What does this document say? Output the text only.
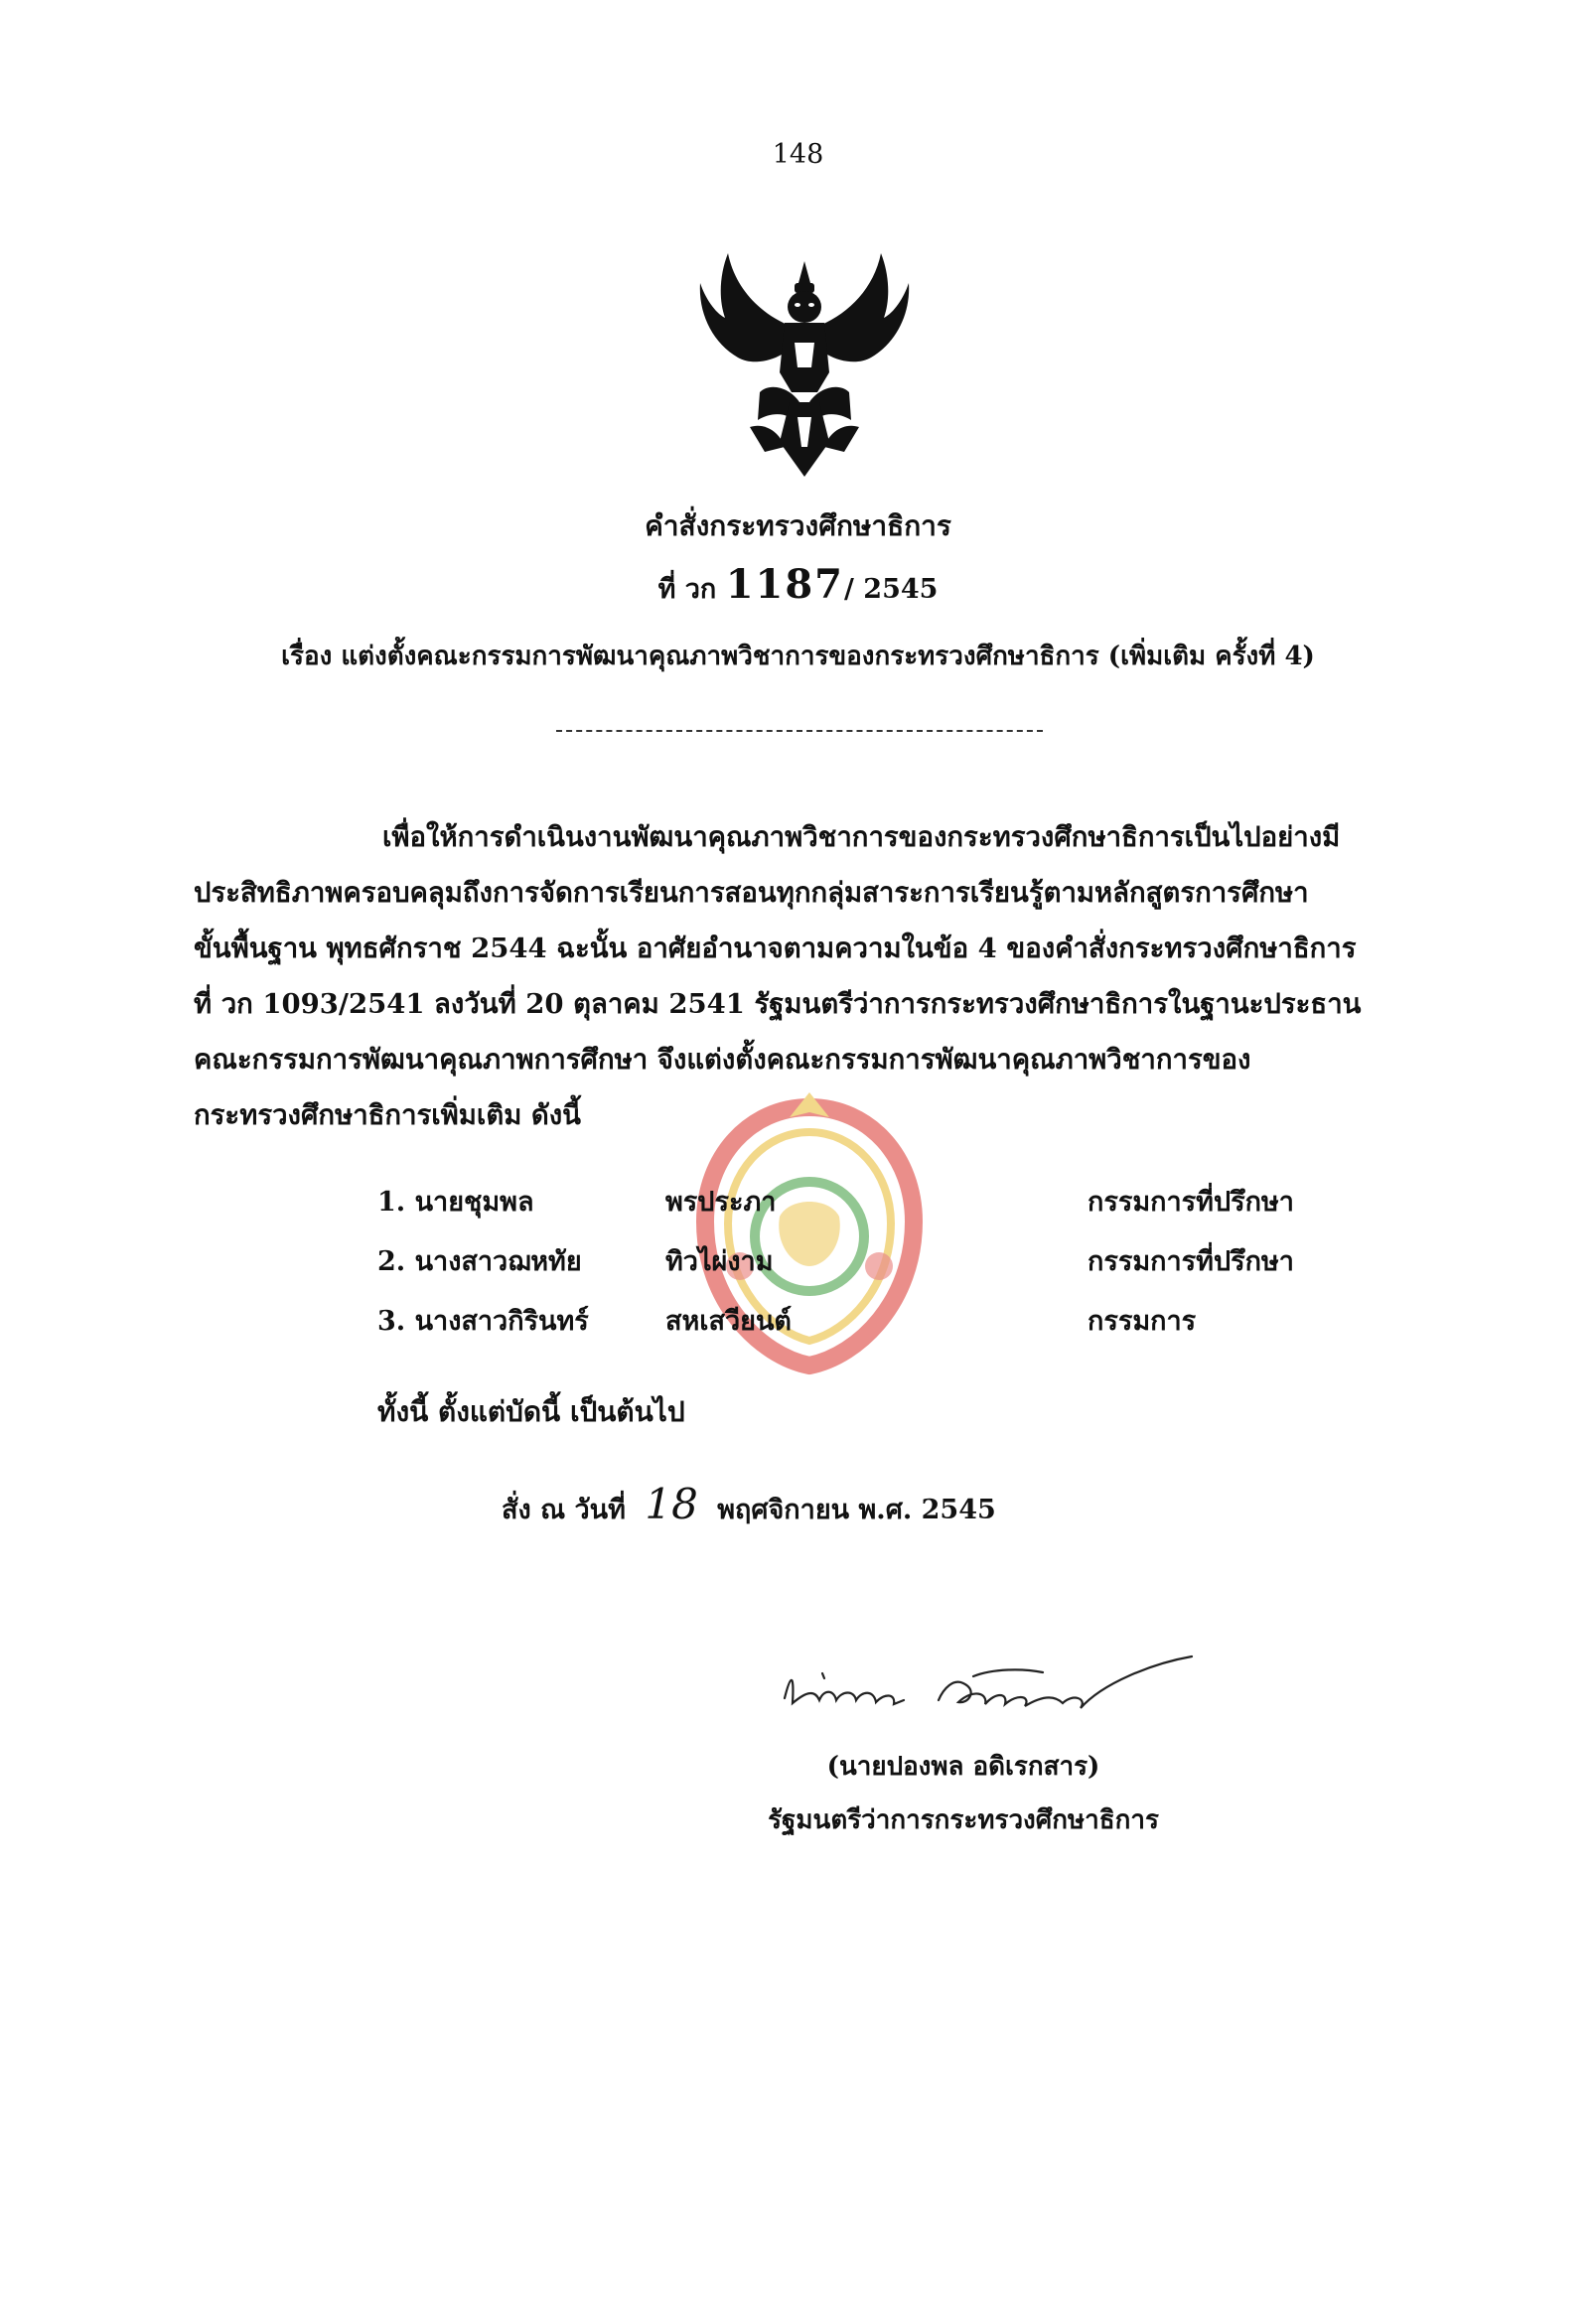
148
คำสั่งกระทรวงศึกษาธิการ
ที่ วก 1187/ 2545
เรื่อง แต่งตั้งคณะกรรมการพัฒนาคุณภาพวิชาการของกระทรวงศึกษาธิการ (เพิ่มเติม ครั้งที่ 4)

เพื่อให้การดำเนินงานพัฒนาคุณภาพวิชาการของกระทรวงศึกษาธิการเป็นไปอย่างมี

ประสิทธิภาพครอบคลุมถึงการจัดการเรียนการสอนทุกกลุ่มสาระการเรียนรู้ตามหลักสูตรการศึกษา

ขั้นพื้นฐาน พุทธศักราช 2544 ฉะนั้น อาศัยอำนาจตามความในข้อ 4 ของคำสั่งกระทรวงศึกษาธิการ

ที่ วก 1093/2541 ลงวันที่ 20 ตุลาคม 2541 รัฐมนตรีว่าการกระทรวงศึกษาธิการในฐานะประธาน

คณะกรรมการพัฒนาคุณภาพการศึกษา จึงแต่งตั้งคณะกรรมการพัฒนาคุณภาพวิชาการของ

กระทรวงศึกษาธิการเพิ่มเติม ดังนี้

1. นายชุมพล	พรประภา	กรรมการที่ปรึกษา
2. นางสาวฌหทัย	ทิวไผ่งาม	กรรมการที่ปรึกษา
3. นางสาวกิรินทร์	สหเสวียนต์	กรรมการ
ทั้งนี้ ตั้งแต่บัดนี้ เป็นต้นไป
สั่ง ณ วันที่ 18 พฤศจิกายน พ.ศ. 2545
(นายปองพล อดิเรกสาร)
รัฐมนตรีว่าการกระทรวงศึกษาธิการ
